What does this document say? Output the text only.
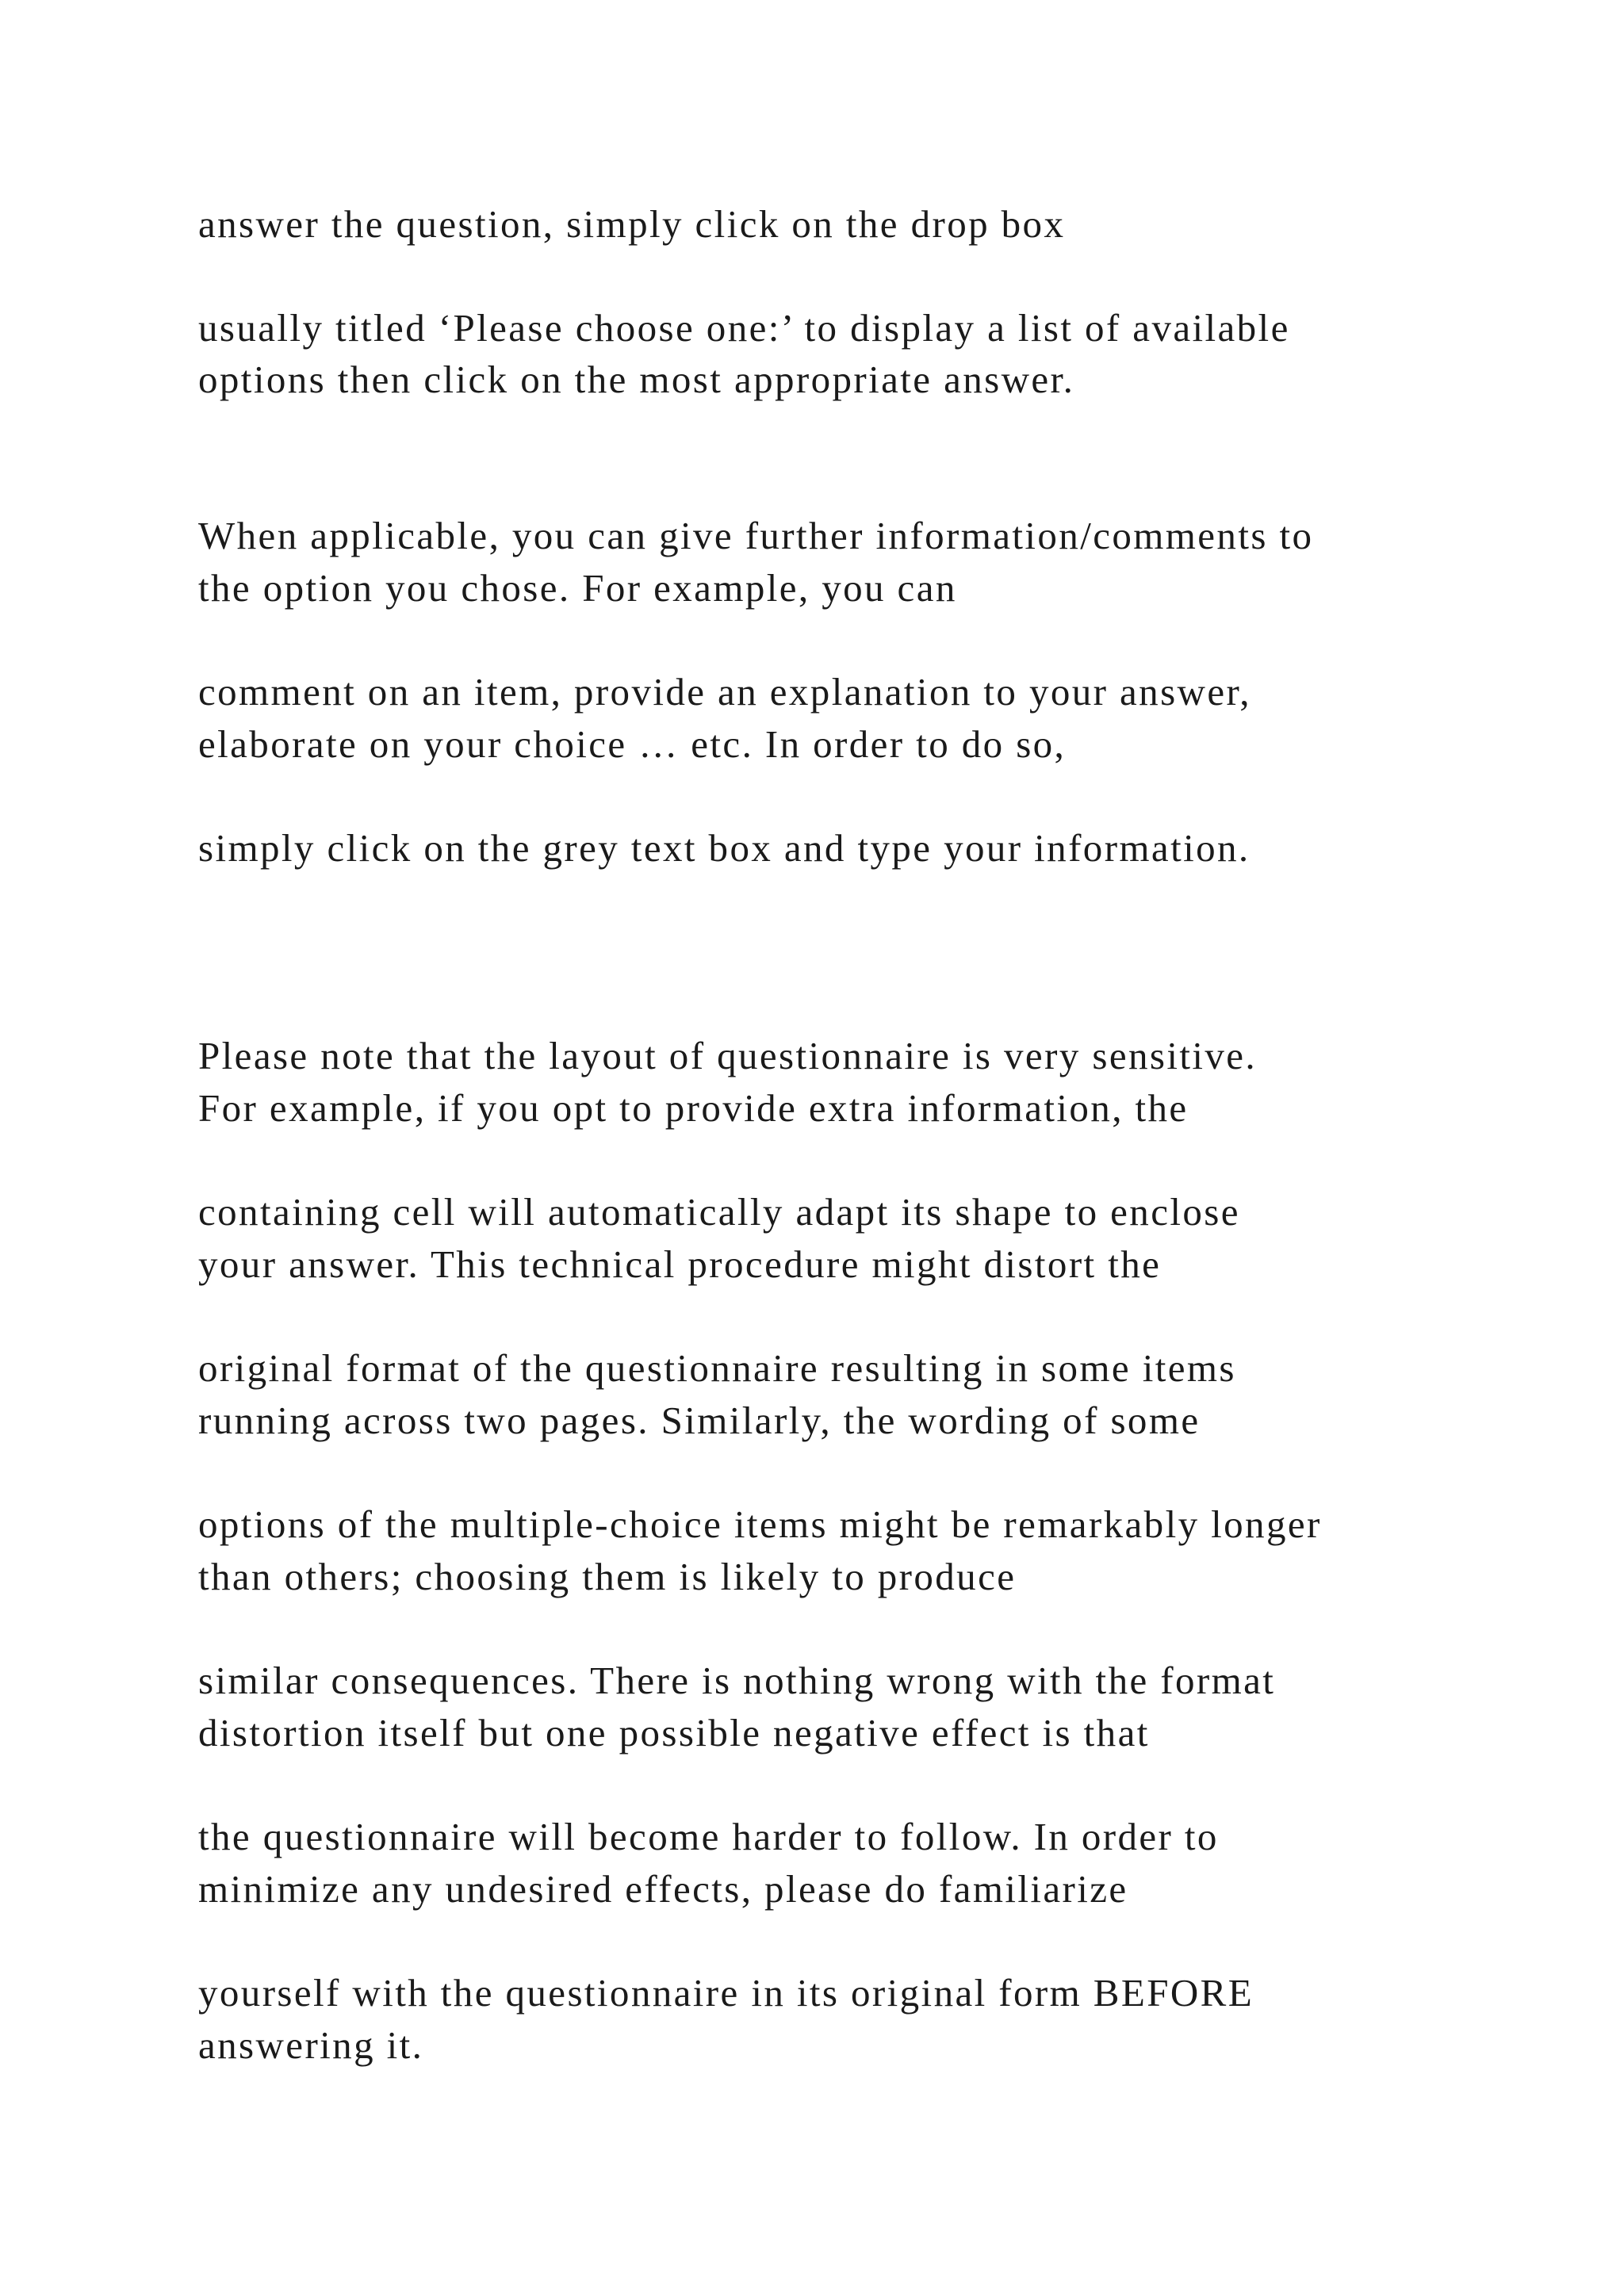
answer the question, simply click on the drop box

usually titled ‘Please choose one:’ to display a list of available

options then click on the most appropriate answer.

When applicable, you can give further information/comments to

the option you chose. For example, you can

comment on an item, provide an explanation to your answer,

elaborate on your choice … etc. In order to do so,

simply click on the grey text box and type your information.

Please note that the layout of questionnaire is very sensitive.

For example, if you opt to provide extra information, the

containing cell will automatically adapt its shape to enclose

your answer. This technical procedure might distort the

original format of the questionnaire resulting in some items

running across two pages. Similarly, the wording of some

options of the multiple-choice items might be remarkably longer

than others; choosing them is likely to produce

similar consequences. There is nothing wrong with the format

distortion itself but one possible negative effect is that

the questionnaire will become harder to follow. In order to

minimize any undesired effects, please do familiarize

yourself with the questionnaire in its original form BEFORE

answering it.
